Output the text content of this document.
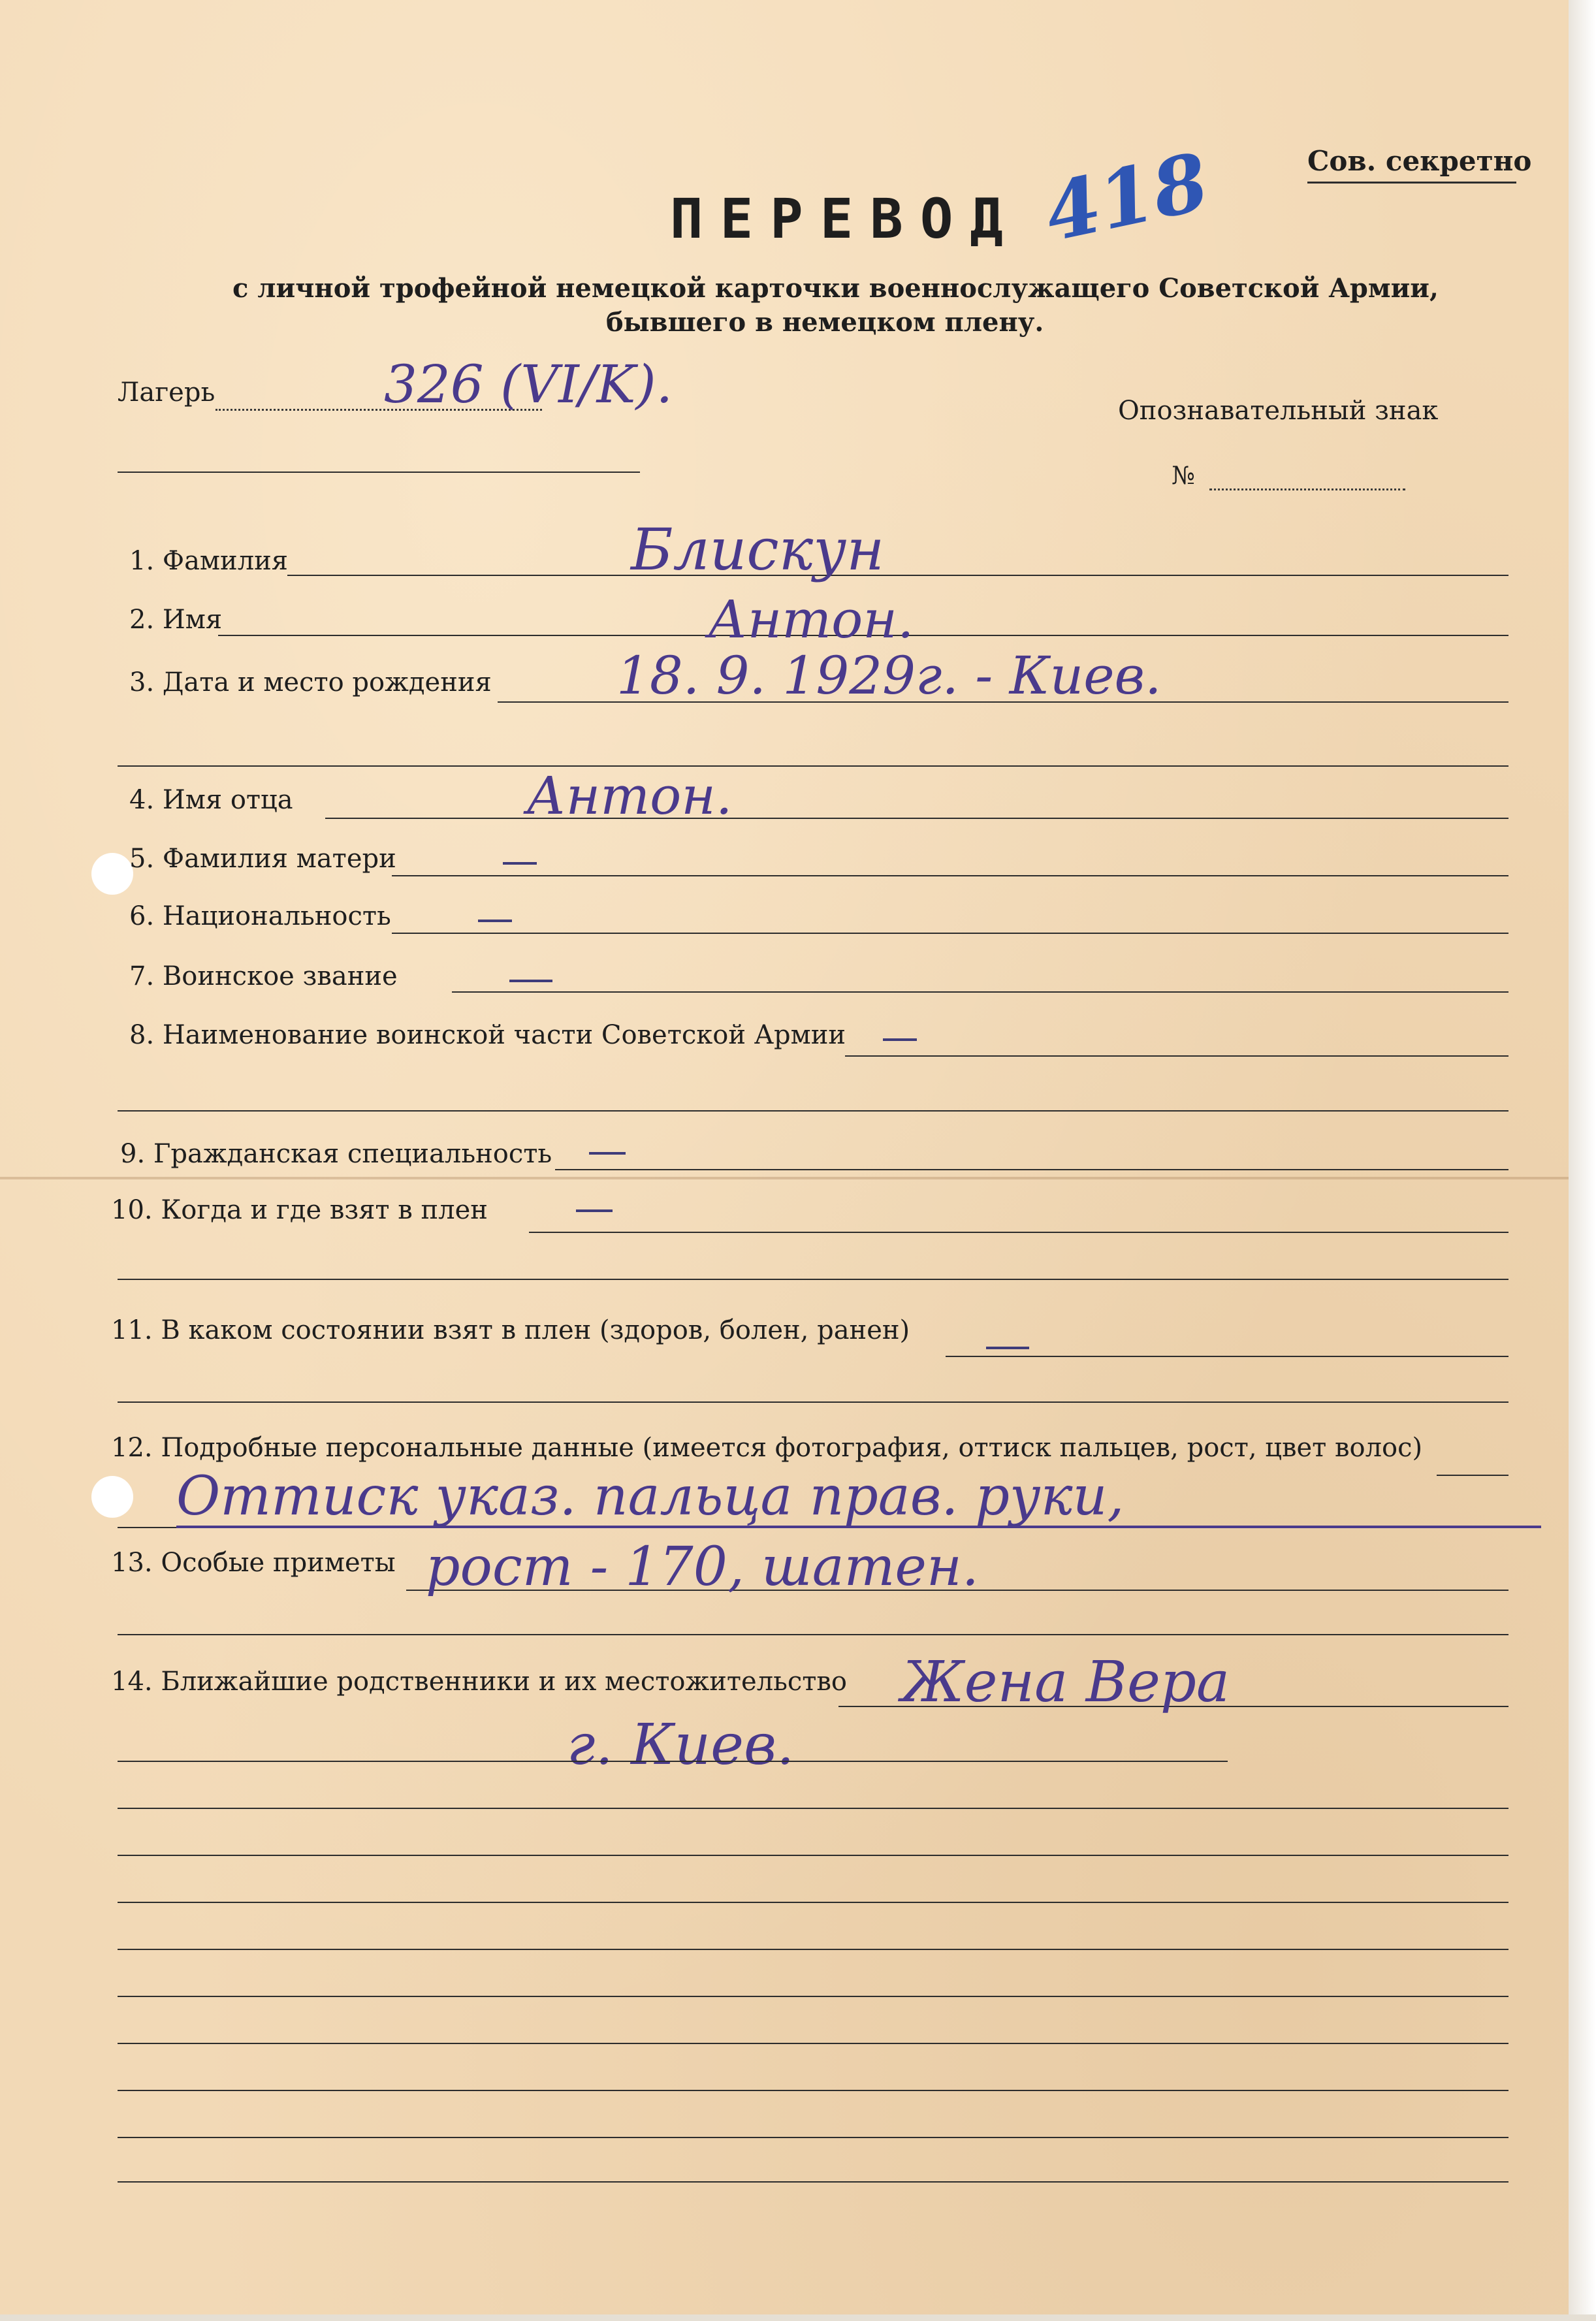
Сов. секретно
418
ПЕРЕВОД
с личной трофейной немецкой карточки военнослужащего Советской Армии,
бывшего в немецком плену.
Лагерь	326 (VI/K).	Опознавательный знак
№
1. Фамилия	Блискун
2. Имя	Антон.
3. Дата и место рождения 18. 9. 1929г. - Киев.
4. Имя отца	Антон.
5. Фамилия матери
6. Национальность
7. Воинское звание
8. Наименование воинской части Советской Армии
9. Гражданская специальность
10. Когда и где взят в плен
11. В каком состоянии взят в плен (здоров, болен, ранен)
12. Подробные персональные данные (имеется фотография, оттиск пальцев, рост, цвет волос)
Оттиск указ. пальца прав. руки,
13. Особые приметы рост - 170, шатен.
14. Ближайшие родственники и их местожительство Жена Вера
г. Киев.
